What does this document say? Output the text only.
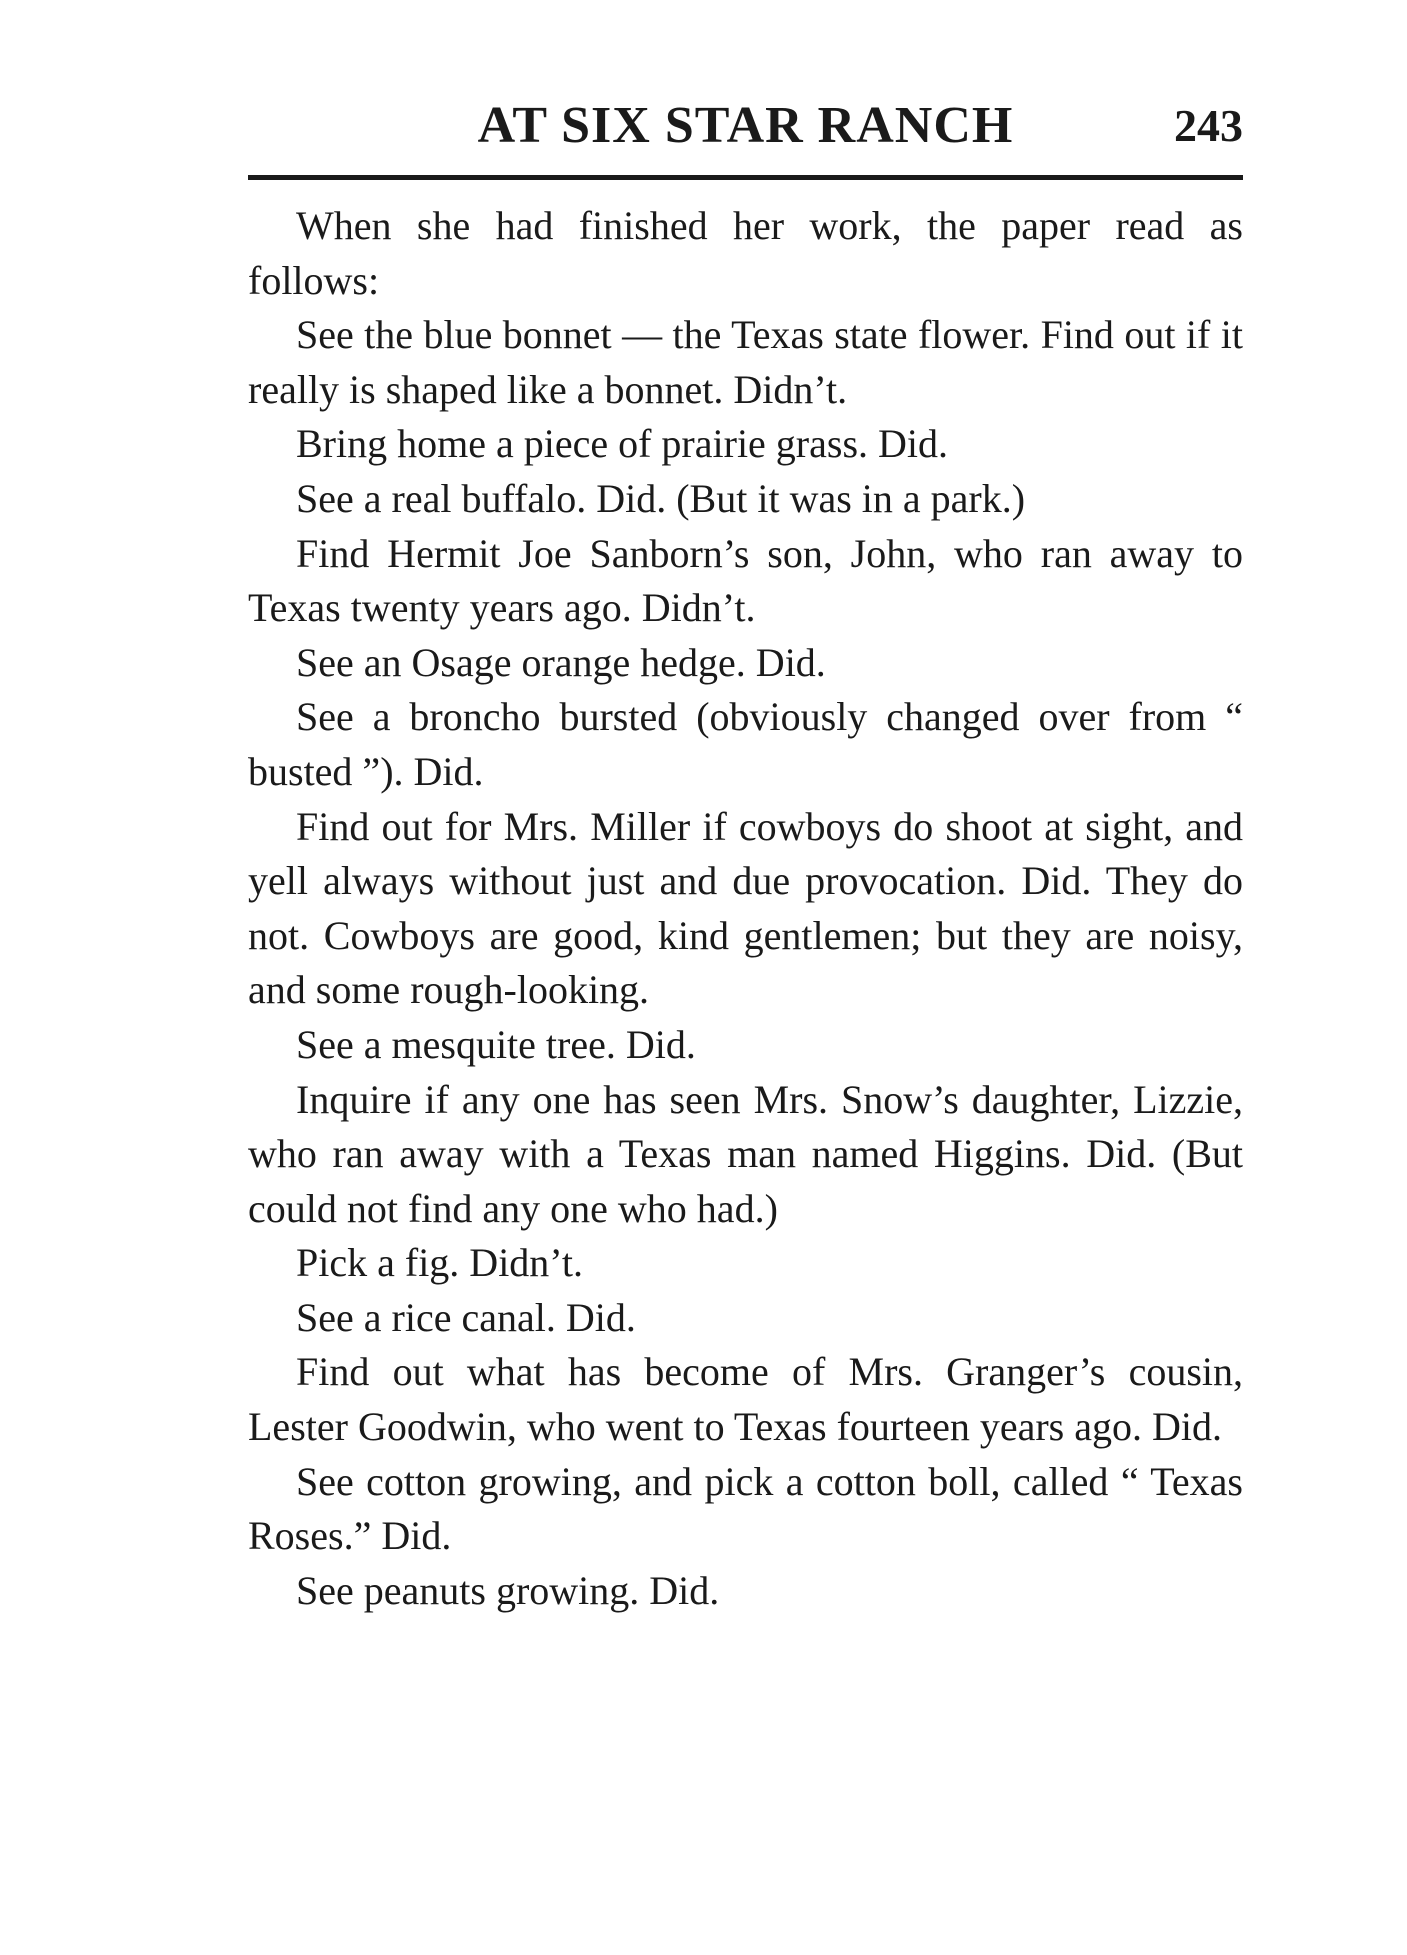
AT SIX STAR RANCH	243

When she had finished her work, the paper read as follows:

See the blue bonnet — the Texas state flower. Find out if it really is shaped like a bonnet. Didn’t.

Bring home a piece of prairie grass. Did.

See a real buffalo. Did. (But it was in a park.)

Find Hermit Joe Sanborn’s son, John, who ran away to Texas twenty years ago. Didn’t.

See an Osage orange hedge. Did.

See a broncho bursted (obviously changed over from “ busted ”). Did.

Find out for Mrs. Miller if cowboys do shoot at sight, and yell always without just and due provocation. Did. They do not. Cowboys are good, kind gentlemen; but they are noisy, and some rough-looking.

See a mesquite tree. Did.

Inquire if any one has seen Mrs. Snow’s daughter, Lizzie, who ran away with a Texas man named Higgins. Did. (But could not find any one who had.)

Pick a fig. Didn’t.

See a rice canal. Did.

Find out what has become of Mrs. Granger’s cousin, Lester Goodwin, who went to Texas fourteen years ago. Did.

See cotton growing, and pick a cotton boll, called “ Texas Roses.” Did.

See peanuts growing. Did.
